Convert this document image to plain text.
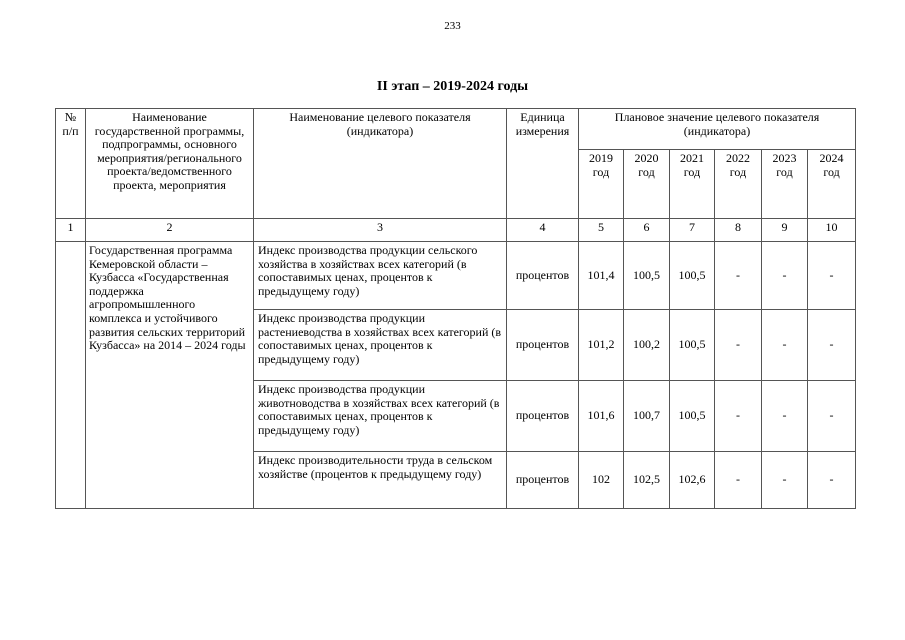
233
II этап – 2019-2024 годы
№ п/п	Наименование государственной программы, подпрограммы, основного мероприятия/регионального проекта/ведомственного проекта, мероприятия	Наименование целевого показателя (индикатора)	Единица измерения	Плановое значение целевого показателя (индикатора)					
				2019 год	2020 год	2021 год	2022 год	2023 год	2024 год
1	2	3	4	5	6	7	8	9	10
	Государственная программа Кемеровской области – Кузбасса «Государственная поддержка агропромышленного комплекса и устойчивого развития сельских территорий Кузбасса» на 2014 – 2024 годы	Индекс производства продукции сельского хозяйства в хозяйствах всех категорий (в сопоставимых ценах, процентов к предыдущему году)	процентов	101,4	100,5	100,5	-	-	-
		Индекс производства продукции растениеводства в хозяйствах всех категорий (в сопоставимых ценах, процентов к предыдущему году)	процентов	101,2	100,2	100,5	-	-	-
		Индекс производства продукции животноводства в хозяйствах всех категорий (в сопоставимых ценах, процентов к предыдущему году)	процентов	101,6	100,7	100,5	-	-	-
		Индекс производительности труда в сельском хозяйстве (процентов к предыдущему году)	процентов	102	102,5	102,6	-	-	-
